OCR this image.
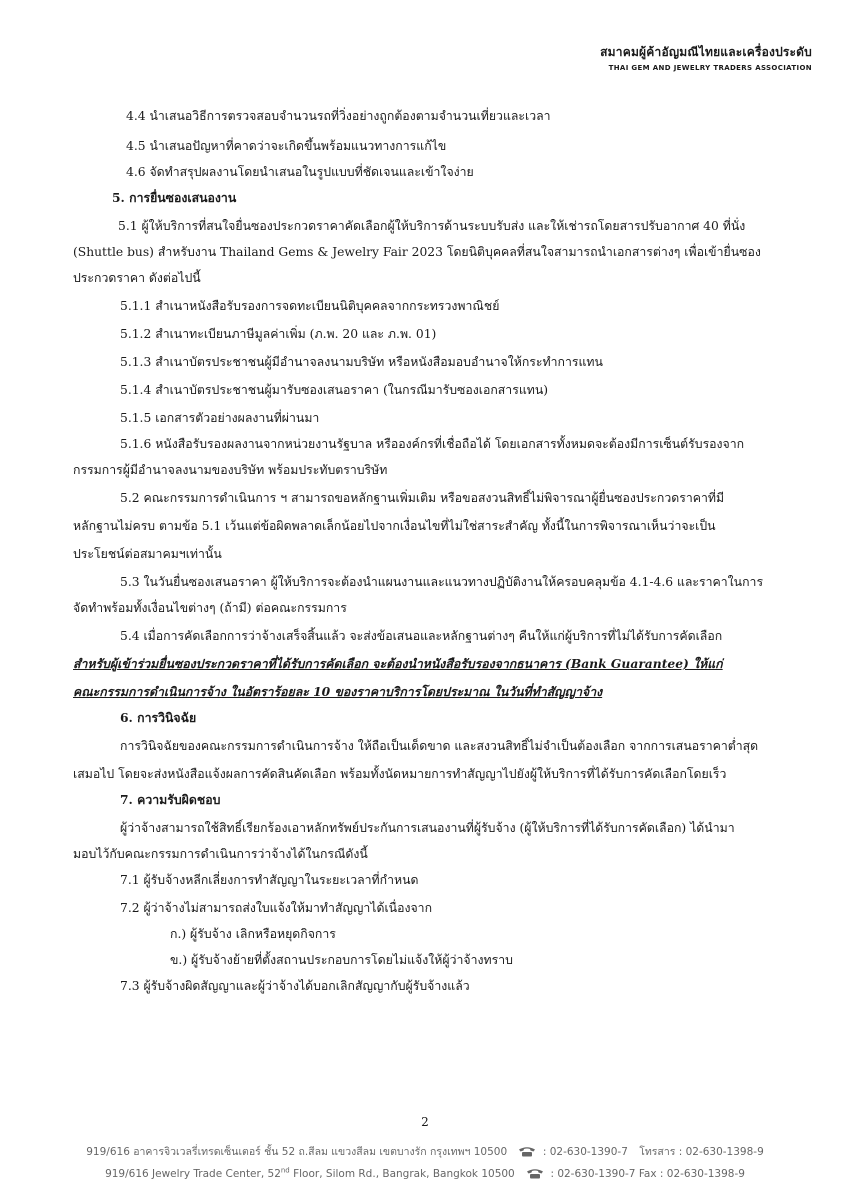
สมาคมผู้ค้าอัญมณีไทยและเครื่องประดับ
THAI GEM AND JEWELRY TRADERS ASSOCIATION
4.4 นำเสนอวิธีการตรวจสอบจำนวนรถที่วิ่งอย่างถูกต้องตามจำนวนเที่ยวและเวลา
4.5 นำเสนอปัญหาที่คาดว่าจะเกิดขึ้นพร้อมแนวทางการแก้ไข
4.6 จัดทำสรุปผลงานโดยนำเสนอในรูปแบบที่ชัดเจนและเข้าใจง่าย
5. การยื่นซองเสนองาน
5.1 ผู้ให้บริการที่สนใจยื่นซองประกวดราคาคัดเลือกผู้ให้บริการด้านระบบรับส่ง และให้เช่ารถโดยสารปรับอากาศ 40 ที่นั่ง
(Shuttle bus) สำหรับงาน Thailand Gems & Jewelry Fair 2023 โดยนิติบุคคลที่สนใจสามารถนำเอกสารต่างๆ เพื่อเข้ายื่นซอง
ประกวดราคา ดังต่อไปนี้
5.1.1 สำเนาหนังสือรับรองการจดทะเบียนนิติบุคคลจากกระทรวงพาณิชย์
5.1.2 สำเนาทะเบียนภาษีมูลค่าเพิ่ม (ภ.พ. 20 และ ภ.พ. 01)
5.1.3 สำเนาบัตรประชาชนผู้มีอำนาจลงนามบริษัท หรือหนังสือมอบอำนาจให้กระทำการแทน
5.1.4 สำเนาบัตรประชาชนผู้มารับซองเสนอราคา (ในกรณีมารับซองเอกสารแทน)
5.1.5 เอกสารตัวอย่างผลงานที่ผ่านมา
5.1.6 หนังสือรับรองผลงานจากหน่วยงานรัฐบาล หรือองค์กรที่เชื่อถือได้ โดยเอกสารทั้งหมดจะต้องมีการเซ็นต์รับรองจาก
กรรมการผู้มีอำนาจลงนามของบริษัท พร้อมประทับตราบริษัท
5.2 คณะกรรมการดำเนินการ ฯ สามารถขอหลักฐานเพิ่มเติม หรือขอสงวนสิทธิ์ไม่พิจารณาผู้ยื่นซองประกวดราคาที่มี
หลักฐานไม่ครบ ตามข้อ 5.1 เว้นแต่ข้อผิดพลาดเล็กน้อยไปจากเงื่อนไขที่ไม่ใช่สาระสำคัญ ทั้งนี้ในการพิจารณาเห็นว่าจะเป็น
ประโยชน์ต่อสมาคมฯเท่านั้น
5.3 ในวันยื่นซองเสนอราคา ผู้ให้บริการจะต้องนำแผนงานและแนวทางปฏิบัติงานให้ครอบคลุมข้อ 4.1-4.6 และราคาในการ
จัดทำพร้อมทั้งเงื่อนไขต่างๆ (ถ้ามี) ต่อคณะกรรมการ
5.4 เมื่อการคัดเลือกการว่าจ้างเสร็จสิ้นแล้ว จะส่งข้อเสนอและหลักฐานต่างๆ คืนให้แก่ผู้บริการที่ไม่ได้รับการคัดเลือก
สำหรับผู้เข้าร่วมยื่นซองประกวดราคาที่ได้รับการคัดเลือก จะต้องนำหนังสือรับรองจากธนาคาร (Bank Guarantee) ให้แก่
คณะกรรมการดำเนินการจ้าง ในอัตราร้อยละ 10 ของราคาบริการโดยประมาณ ในวันที่ทำสัญญาจ้าง
6. การวินิจฉัย
การวินิจฉัยของคณะกรรมการดำเนินการจ้าง ให้ถือเป็นเด็ดขาด และสงวนสิทธิ์ไม่จำเป็นต้องเลือก จากการเสนอราคาต่ำสุด
เสมอไป โดยจะส่งหนังสือแจ้งผลการคัดสินคัดเลือก พร้อมทั้งนัดหมายการทำสัญญาไปยังผู้ให้บริการที่ได้รับการคัดเลือกโดยเร็ว
7. ความรับผิดชอบ
ผู้ว่าจ้างสามารถใช้สิทธิ์เรียกร้องเอาหลักทรัพย์ประกันการเสนองานที่ผู้รับจ้าง (ผู้ให้บริการที่ได้รับการคัดเลือก) ได้นำมา
มอบไว้กับคณะกรรมการดำเนินการว่าจ้างได้ในกรณีดังนี้
7.1 ผู้รับจ้างหลีกเลี่ยงการทำสัญญาในระยะเวลาที่กำหนด
7.2 ผู้ว่าจ้างไม่สามารถส่งใบแจ้งให้มาทำสัญญาได้เนื่องจาก
ก.) ผู้รับจ้าง เลิกหรือหยุดกิจการ
ข.) ผู้รับจ้างย้ายที่ตั้งสถานประกอบการโดยไม่แจ้งให้ผู้ว่าจ้างทราบ
7.3 ผู้รับจ้างผิดสัญญาและผู้ว่าจ้างได้บอกเลิกสัญญากับผู้รับจ้างแล้ว
2
919/616 อาคารจิวเวลรี่เทรดเซ็นเตอร์ ชั้น 52 ถ.สีลม แขวงสีลม เขตบางรัก กรุงเทพฯ 10500	: 02-630-1390-7 โทรสาร : 02-630-1398-9
919/616 Jewelry Trade Center, 52nd Floor, Silom Rd., Bangrak, Bangkok 10500	: 02-630-1390-7 Fax : 02-630-1398-9
